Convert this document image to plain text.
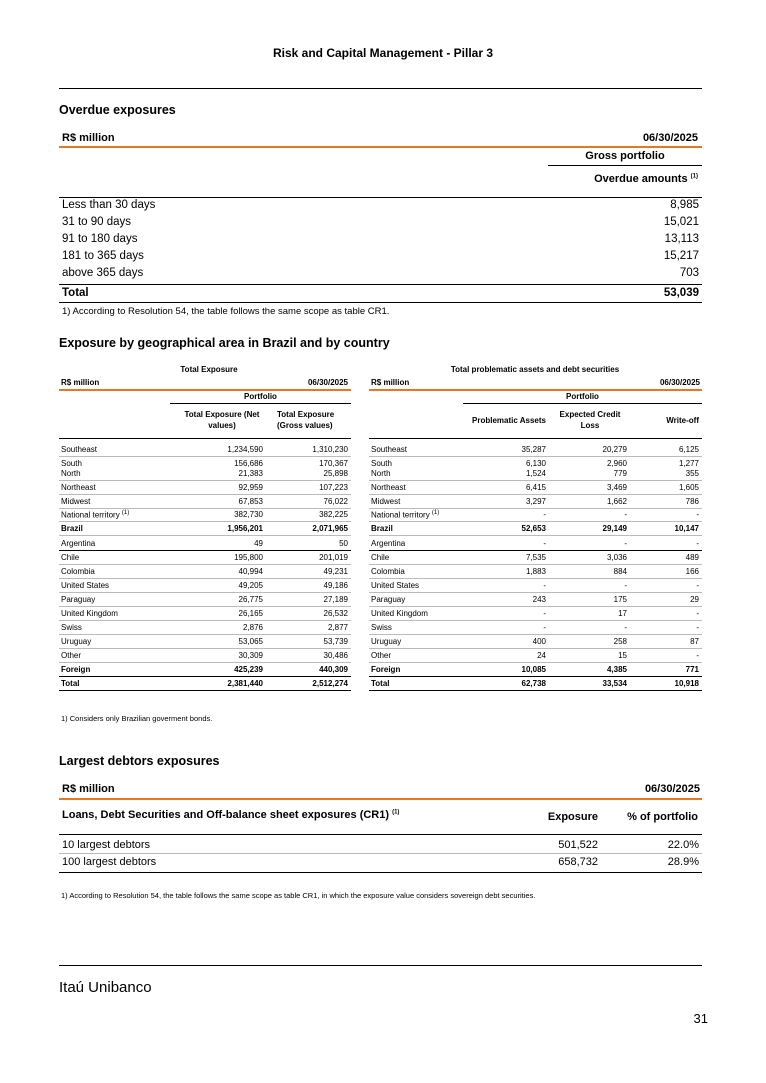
Risk and Capital Management - Pillar 3
Overdue exposures
R$ million	06/30/2025
Gross portfolio
Overdue amounts $^{(1)}$
Less than 30 days	8,985
31 to 90 days	15,021
91 to 180 days	13,113
181 to 365 days	15,217
above 365 days	703
Total	53,039
1) According to Resolution 54, the table follows the same scope as table CR1.
Exposure by geographical area in Brazil and by country
Total Exposure
R$ million	06/30/2025
Portfolio
Total Exposure (Net values)
Total Exposure (Gross values)
Total problematic assets and debt securities
R$ million	06/30/2025
Portfolio
Problematic Assets
Expected Credit Loss
Write-off
Southeast	1,234,590	1,310,230
South	156,686	170,367
North	21,383	25,898
Northeast	92,959	107,223
Midwest	67,853	76,022
National territory $^{(1)}$	382,730	382,225
Brazil	1,956,201	2,071,965
Argentina	49	50
Chile	195,800	201,019
Colombia	40,994	49,231
United States	49,205	49,186
Paraguay	26,775	27,189
United Kingdom	26,165	26,532
Swiss	2,876	2,877
Uruguay	53,065	53,739
Other	30,309	30,486
Foreign	425,239	440,309
Total	2,381,440	2,512,274
Southeast	35,287	20,279	6,125
South	6,130	2,960	1,277
North	1,524	779	355
Northeast	6,415	3,469	1,605
Midwest	3,297	1,662	786
National territory $^{(1)}$	-	-	-
Brazil	52,653	29,149	10,147
Argentina	-	-	-
Chile	7,535	3,036	489
Colombia	1,883	884	166
United States	-	-	-
Paraguay	243	175	29
United Kingdom	-	17	-
Swiss	-	-	-
Uruguay	400	258	87
Other	24	15	-
Foreign	10,085	4,385	771
Total	62,738	33,534	10,918
1) Considers only Brazilian goverment bonds.
Largest debtors exposures
R$ million	06/30/2025
Loans, Debt Securities and Off-balance sheet exposures (CR1) $^{(1)}$	Exposure	% of portfolio
10 largest debtors	501,522	22.0%
100 largest debtors	658,732	28.9%
1) According to Resolution 54, the table follows the same scope as table CR1, in which the exposure value considers sovereign debt securities.
Itaú Unibanco
31
